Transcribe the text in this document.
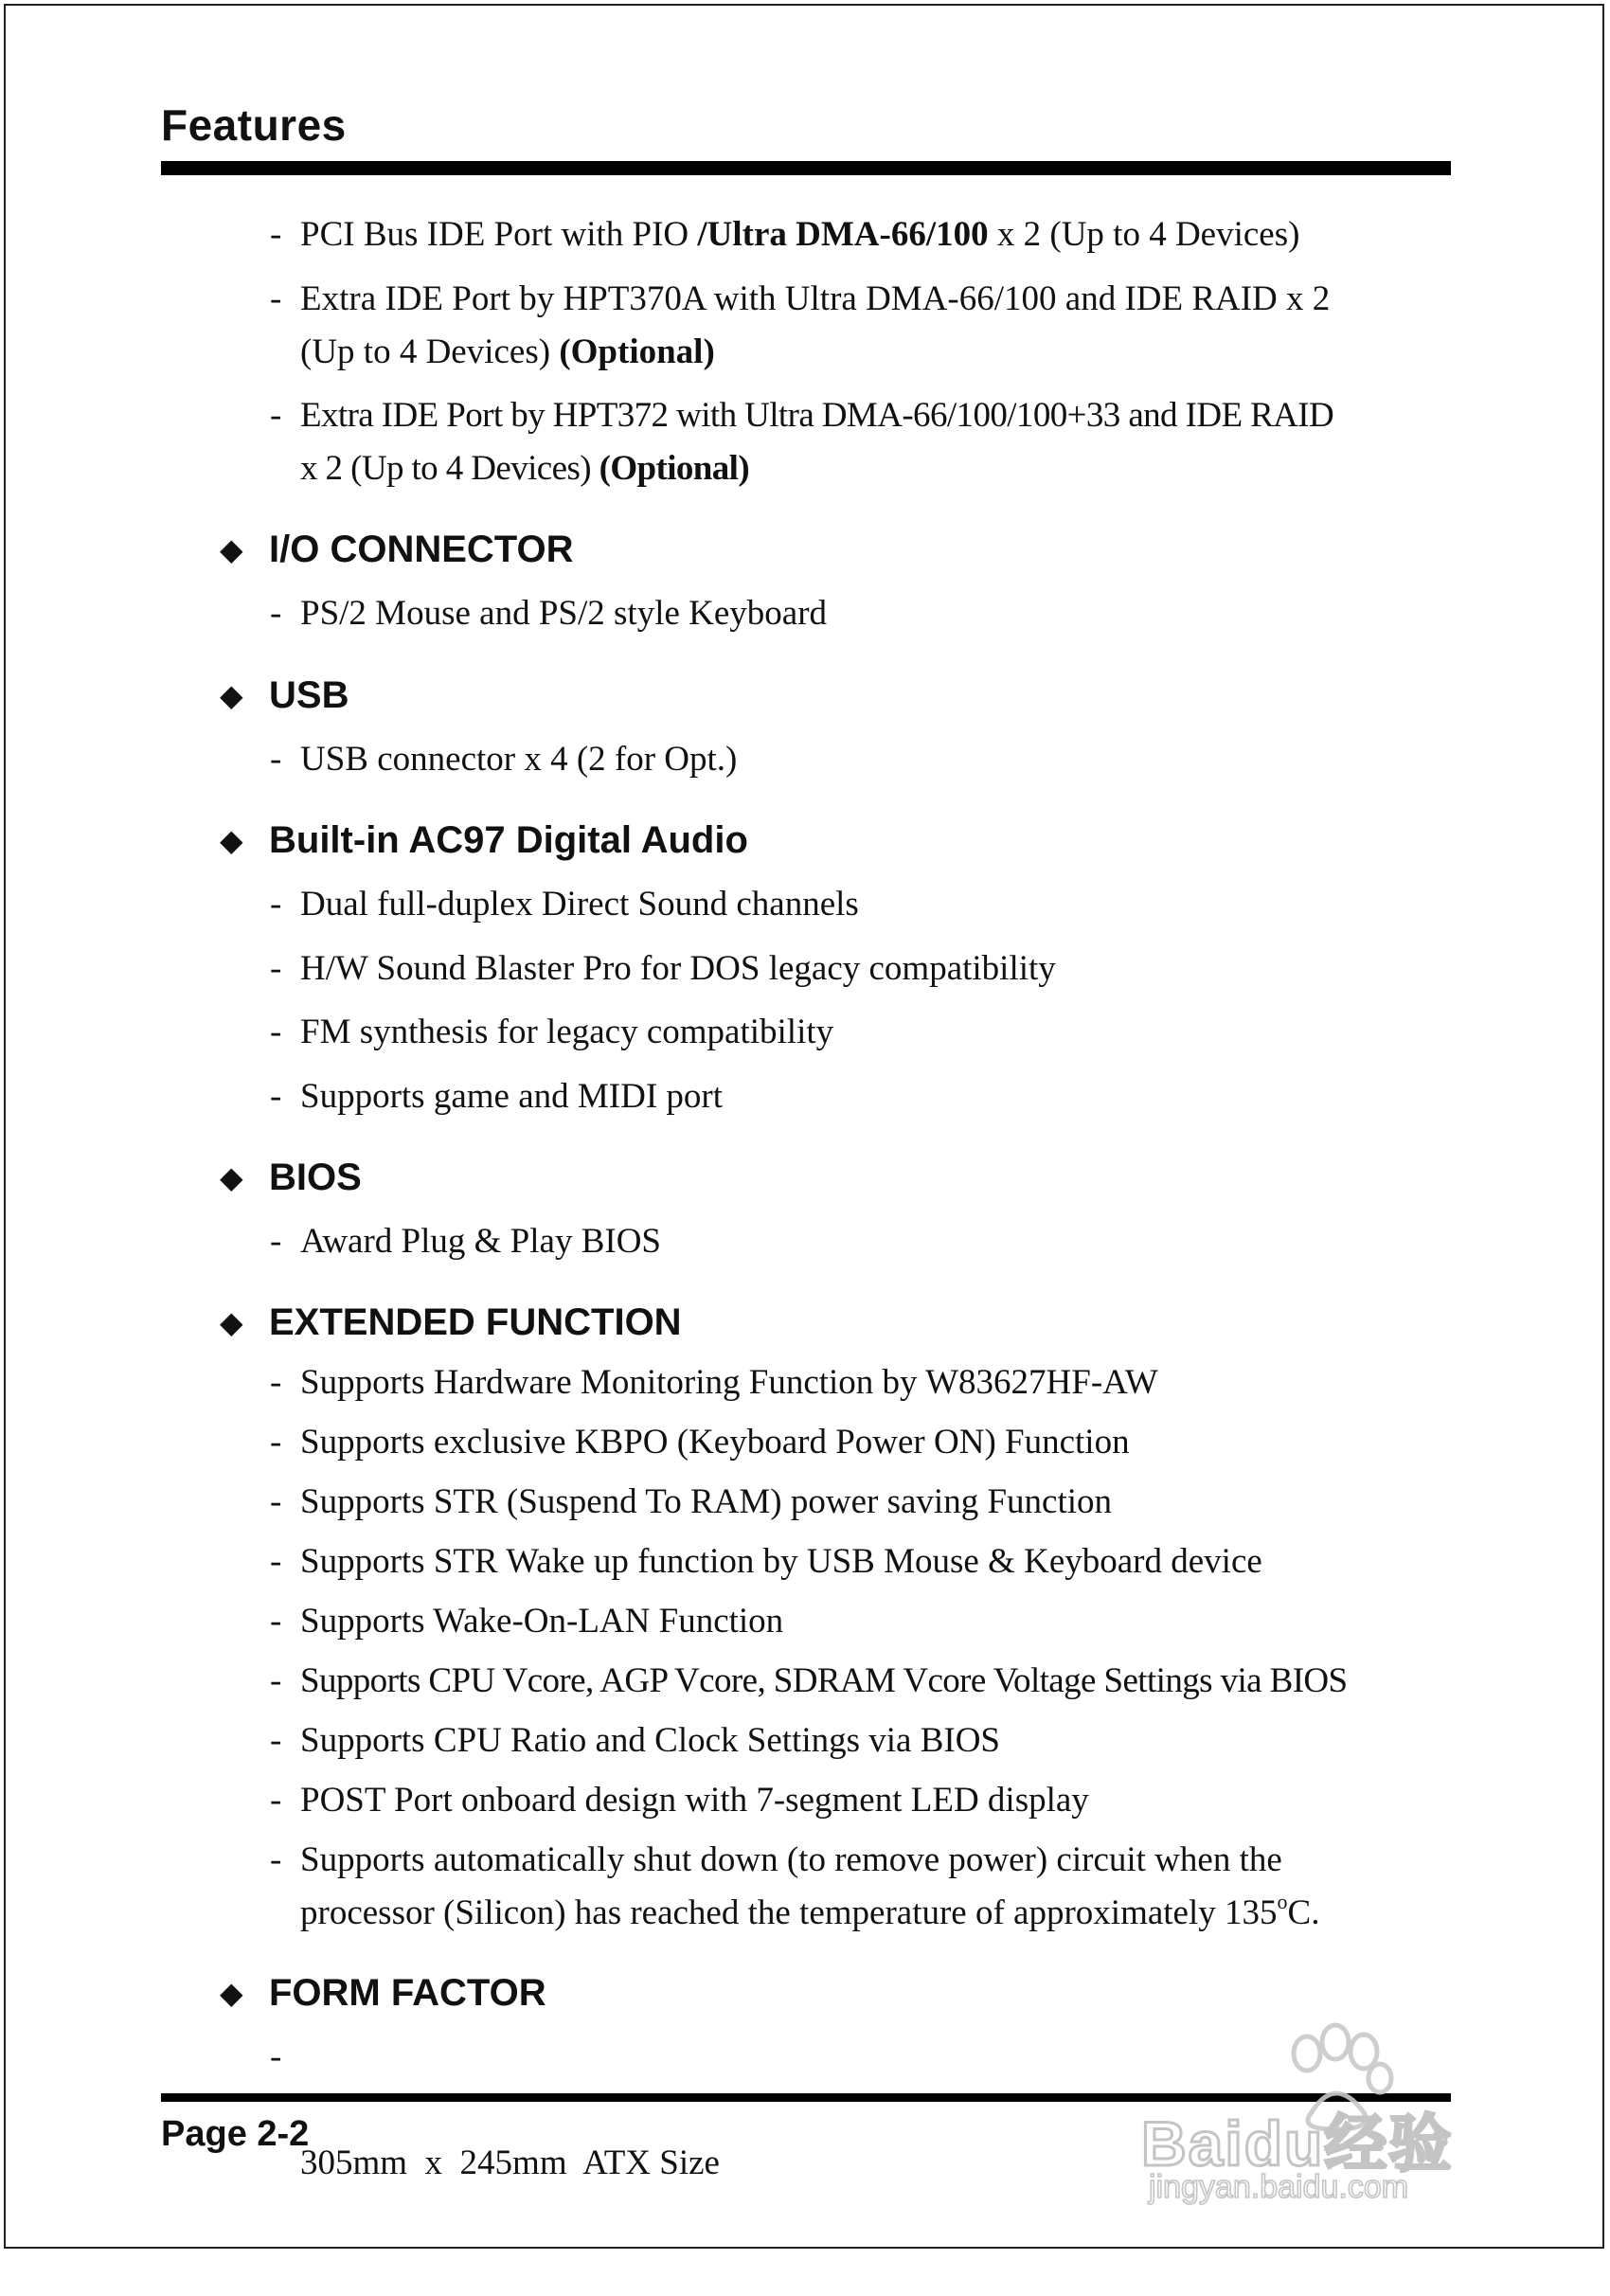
Features
- PCI Bus IDE Port with PIO /Ultra DMA-66/100 x 2 (Up to 4 Devices)
- Extra IDE Port by HPT370A with Ultra DMA-66/100 and IDE RAID x 2
(Up to 4 Devices) (Optional)
- Extra IDE Port by HPT372 with Ultra DMA-66/100/100+33 and IDE RAID
x 2 (Up to 4 Devices) (Optional)
◆ I/O CONNECTOR
- PS/2 Mouse and PS/2 style Keyboard
◆ USB
- USB connector x 4 (2 for Opt.)
◆ Built-in AC97 Digital Audio
- Dual full-duplex Direct Sound channels
- H/W Sound Blaster Pro for DOS legacy compatibility
- FM synthesis for legacy compatibility
- Supports game and MIDI port
◆ BIOS
- Award Plug & Play BIOS
◆ EXTENDED FUNCTION
- Supports Hardware Monitoring Function by W83627HF-AW
- Supports exclusive KBPO (Keyboard Power ON) Function
- Supports STR (Suspend To RAM) power saving Function
- Supports STR Wake up function by USB Mouse & Keyboard device
- Supports Wake-On-LAN Function
- Supports CPU Vcore, AGP Vcore, SDRAM Vcore Voltage Settings via BIOS
- Supports CPU Ratio and Clock Settings via BIOS
- POST Port onboard design with 7-segment LED display
- Supports automatically shut down (to remove power) circuit when the
processor (Silicon) has reached the temperature of approximately 135$^o$C.
◆ FORM FACTOR

-
305mm  x  245mm  ATX Size

Page 2-2	Baidu经验
jingyan.baidu.com
